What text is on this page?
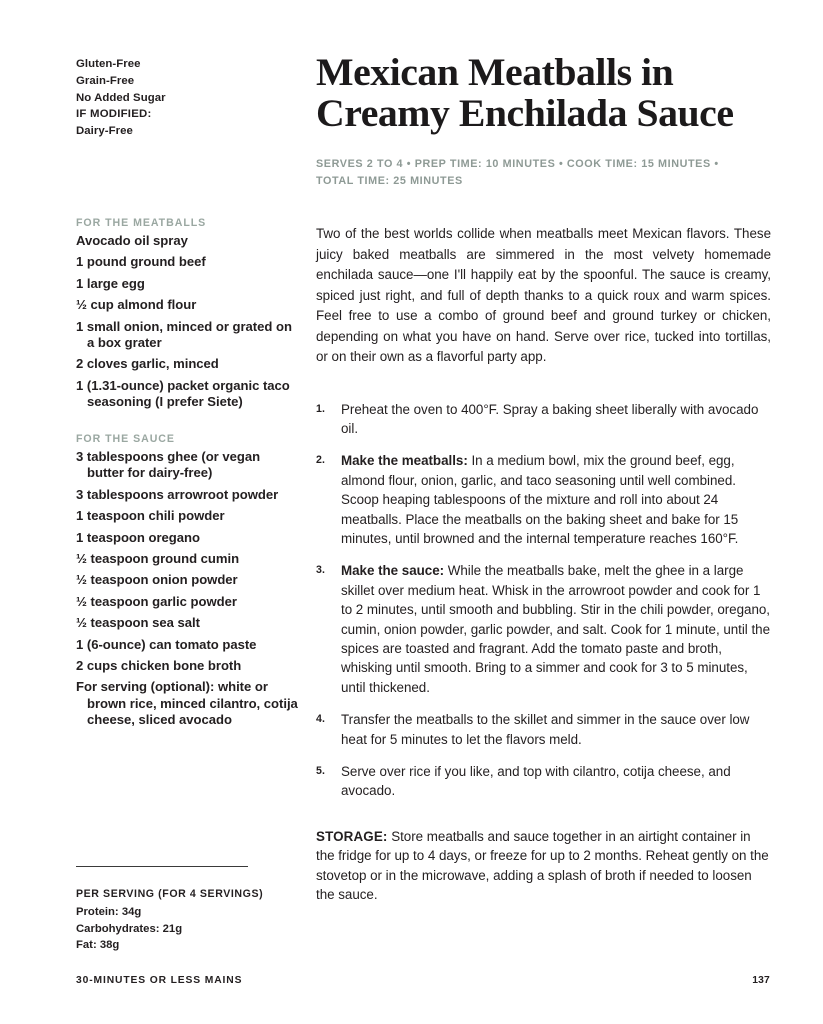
Gluten-Free
Grain-Free
No Added Sugar
IF MODIFIED:
Dairy-Free
FOR THE MEATBALLS
Avocado oil spray
1 pound ground beef
1 large egg
½ cup almond flour
1 small onion, minced or grated on a box grater
2 cloves garlic, minced
1 (1.31-ounce) packet organic taco seasoning (I prefer Siete)
FOR THE SAUCE
3 tablespoons ghee (or vegan butter for dairy-free)
3 tablespoons arrowroot powder
1 teaspoon chili powder
1 teaspoon oregano
½ teaspoon ground cumin
½ teaspoon onion powder
½ teaspoon garlic powder
½ teaspoon sea salt
1 (6-ounce) can tomato paste
2 cups chicken bone broth
For serving (optional): white or brown rice, minced cilantro, cotija cheese, sliced avocado
PER SERVING (FOR 4 SERVINGS)
Protein: 34g
Carbohydrates: 21g
Fat: 38g
Mexican Meatballs in Creamy Enchilada Sauce
SERVES 2 TO 4 • PREP TIME: 10 MINUTES • COOK TIME: 15 MINUTES • TOTAL TIME: 25 MINUTES
Two of the best worlds collide when meatballs meet Mexican flavors. These juicy baked meatballs are simmered in the most velvety homemade enchilada sauce—one I'll happily eat by the spoonful. The sauce is creamy, spiced just right, and full of depth thanks to a quick roux and warm spices. Feel free to use a combo of ground beef and ground turkey or chicken, depending on what you have on hand. Serve over rice, tucked into tortillas, or on their own as a flavorful party app.
1.	Preheat the oven to 400°F. Spray a baking sheet liberally with avocado oil.
2.	Make the meatballs: In a medium bowl, mix the ground beef, egg, almond flour, onion, garlic, and taco seasoning until well combined. Scoop heaping tablespoons of the mixture and roll into about 24 meatballs. Place the meatballs on the baking sheet and bake for 15 minutes, until browned and the internal temperature reaches 160°F.
3.	Make the sauce: While the meatballs bake, melt the ghee in a large skillet over medium heat. Whisk in the arrowroot powder and cook for 1 to 2 minutes, until smooth and bubbling. Stir in the chili powder, oregano, cumin, onion powder, garlic powder, and salt. Cook for 1 minute, until the spices are toasted and fragrant. Add the tomato paste and broth, whisking until smooth. Bring to a simmer and cook for 3 to 5 minutes, until thickened.
4.	Transfer the meatballs to the skillet and simmer in the sauce over low heat for 5 minutes to let the flavors meld.
5.	Serve over rice if you like, and top with cilantro, cotija cheese, and avocado.
STORAGE: Store meatballs and sauce together in an airtight container in the fridge for up to 4 days, or freeze for up to 2 months. Reheat gently on the stovetop or in the microwave, adding a splash of broth if needed to loosen the sauce.
30-MINUTES OR LESS MAINS	137
